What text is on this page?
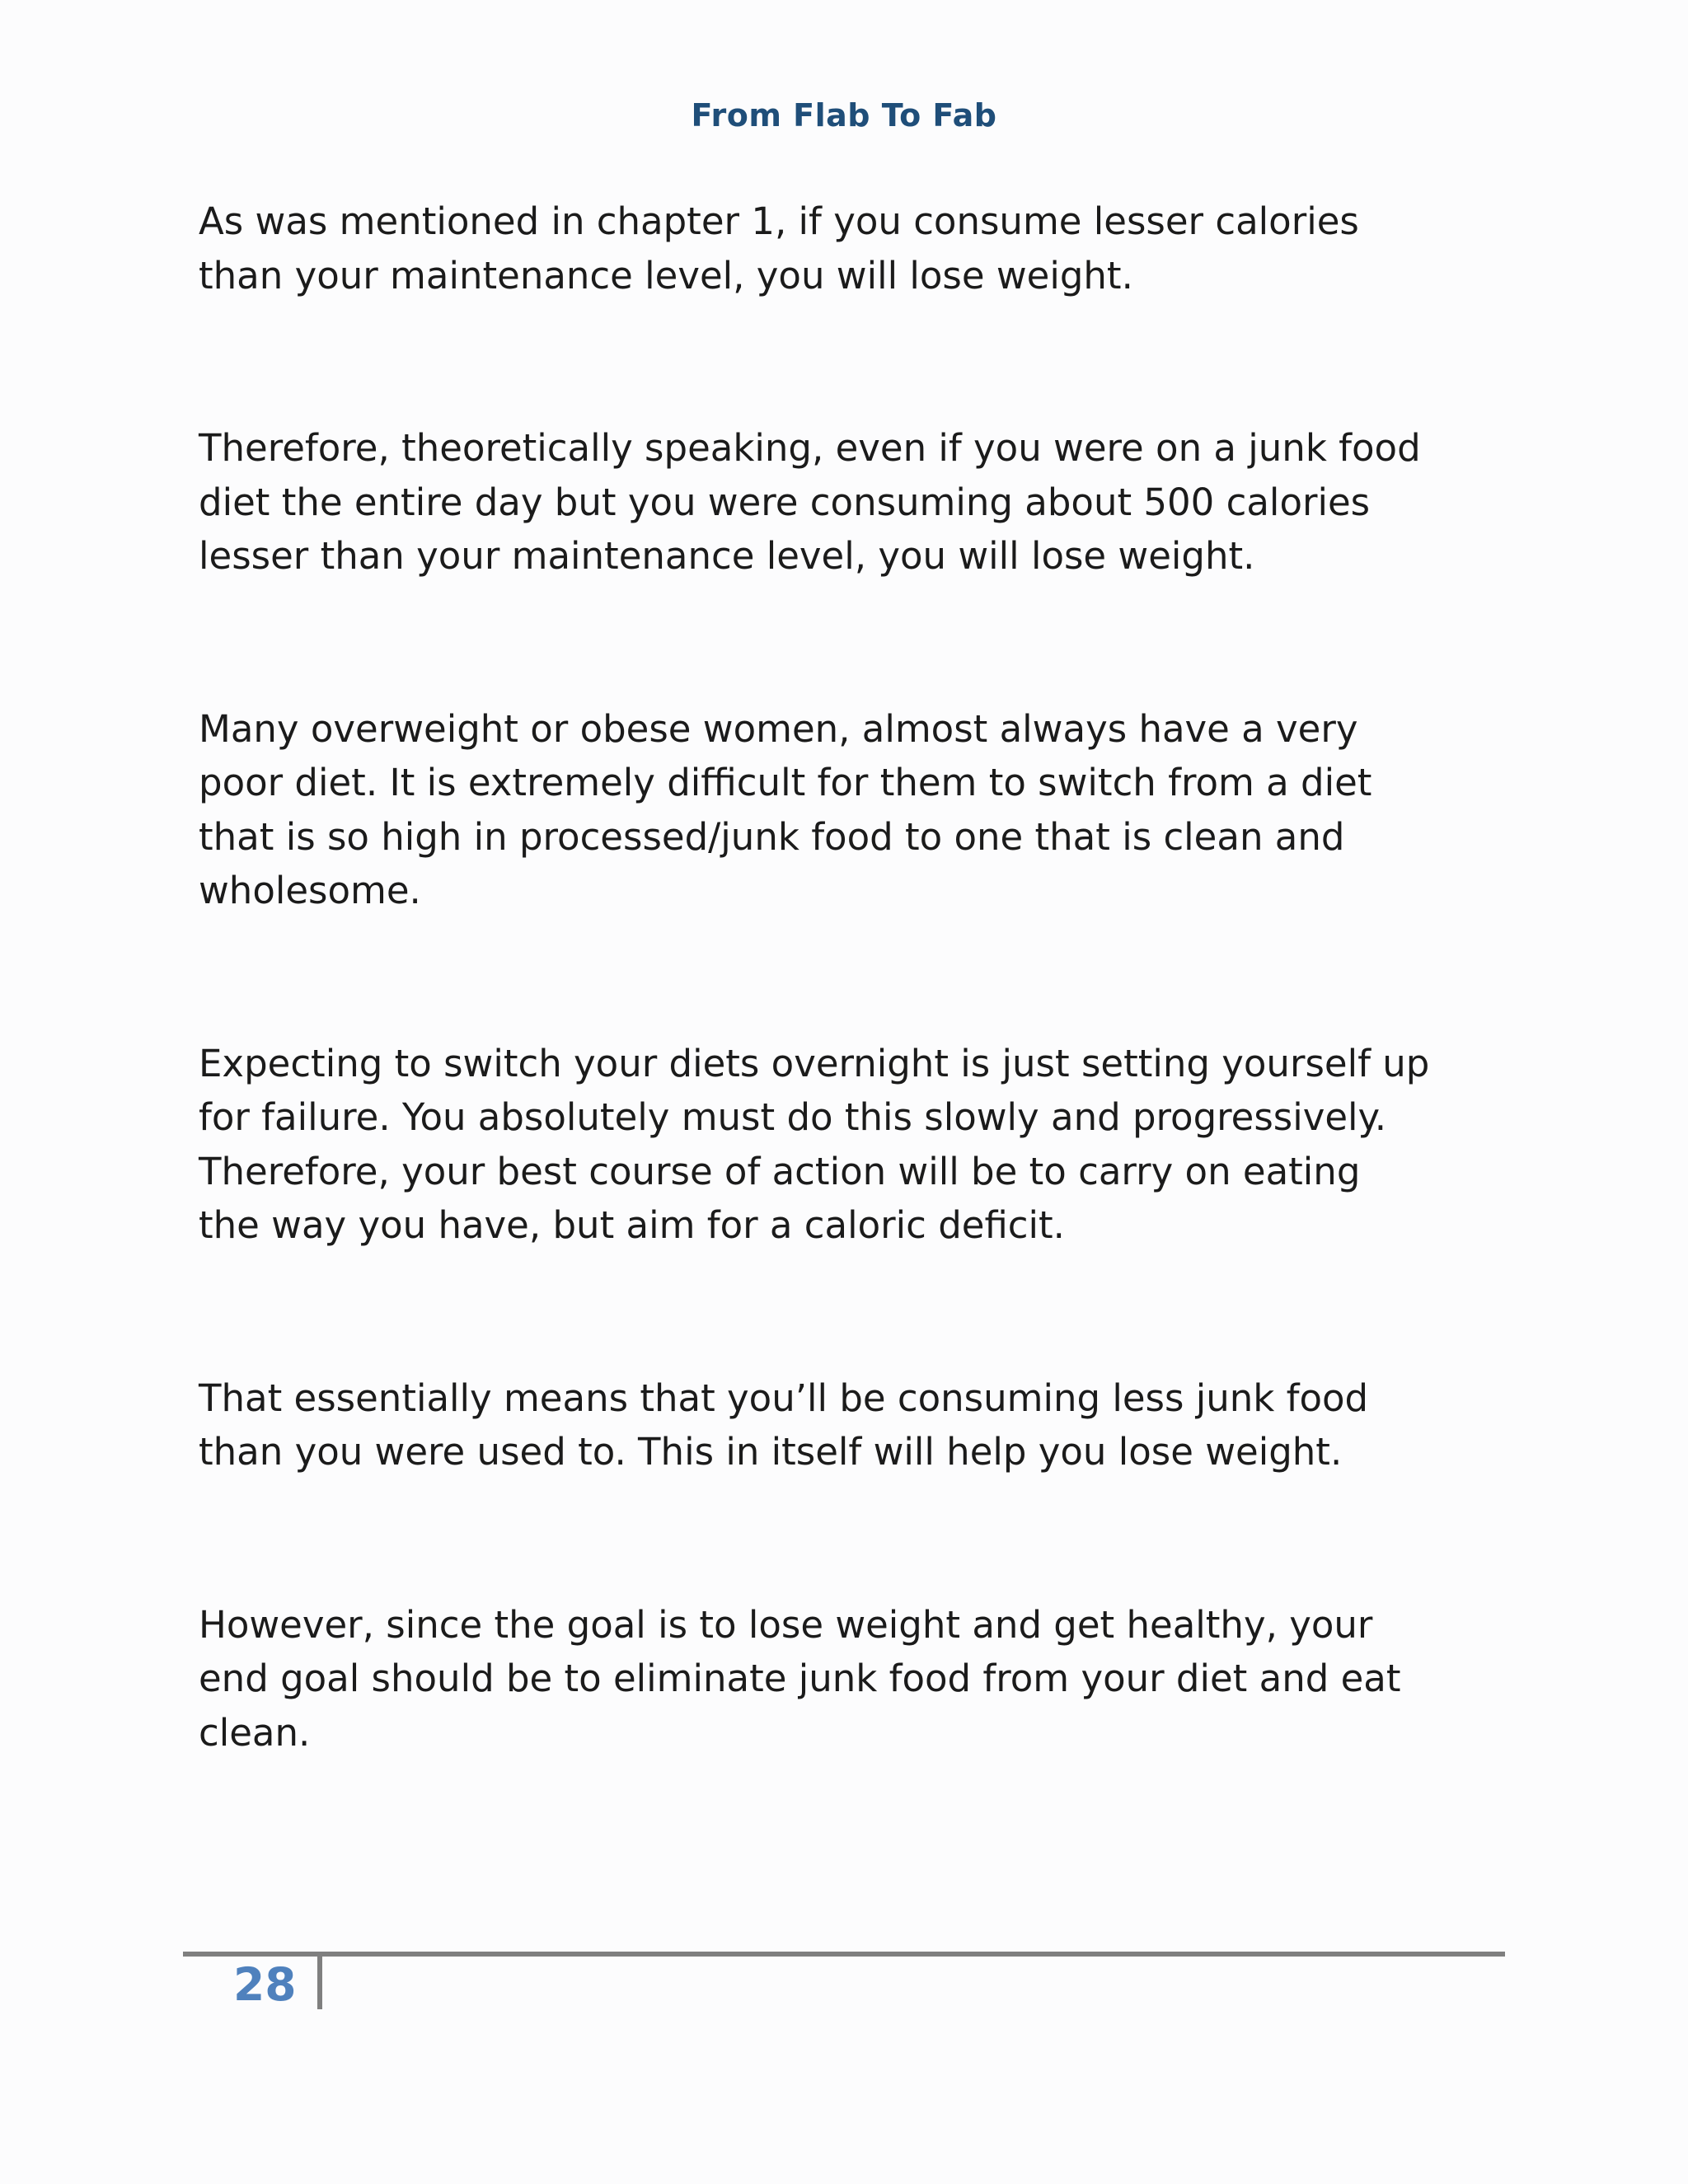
From Flab To Fab

As was mentioned in chapter 1, if you consume lesser calories
than your maintenance level, you will lose weight.

Therefore, theoretically speaking, even if you were on a junk food
diet the entire day but you were consuming about 500 calories
lesser than your maintenance level, you will lose weight.

Many overweight or obese women, almost always have a very
poor diet. It is extremely difficult for them to switch from a diet
that is so high in processed/junk food to one that is clean and
wholesome.

Expecting to switch your diets overnight is just setting yourself up
for failure. You absolutely must do this slowly and progressively.
Therefore, your best course of action will be to carry on eating
the way you have, but aim for a caloric deficit.

That essentially means that you’ll be consuming less junk food
than you were used to. This in itself will help you lose weight.

However, since the goal is to lose weight and get healthy, your
end goal should be to eliminate junk food from your diet and eat
clean.

28
